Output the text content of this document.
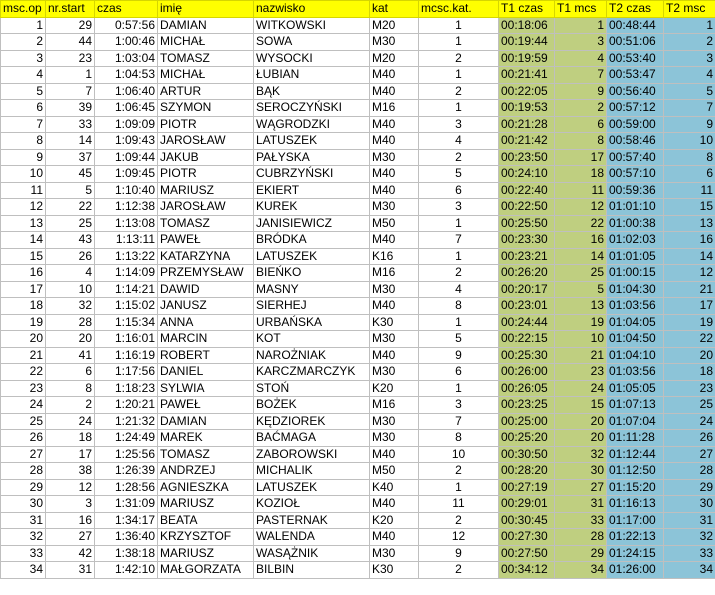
msc.op	nr.start	czas	imię	nazwisko	kat	mcsc.kat.	T1 czas	T1 mcs	T2 czas	T2 msc
1	29	0:57:56	DAMIAN	WITKOWSKI	M20	1	00:18:06	1	00:48:44	1
2	44	1:00:46	MICHAŁ	SOWA	M30	1	00:19:44	3	00:51:06	2
3	23	1:03:04	TOMASZ	WYSOCKI	M20	2	00:19:59	4	00:53:40	3
4	1	1:04:53	MICHAŁ	ŁUBIAN	M40	1	00:21:41	7	00:53:47	4
5	7	1:06:40	ARTUR	BĄK	M40	2	00:22:05	9	00:56:40	5
6	39	1:06:45	SZYMON	SEROCZYŃSKI	M16	1	00:19:53	2	00:57:12	7
7	33	1:09:09	PIOTR	WĄGRODZKI	M40	3	00:21:28	6	00:59:00	9
8	14	1:09:43	JAROSŁAW	LATUSZEK	M40	4	00:21:42	8	00:58:46	10
9	37	1:09:44	JAKUB	PAŁYSKA	M30	2	00:23:50	17	00:57:40	8
10	45	1:09:45	PIOTR	CUBRZYŃSKI	M40	5	00:24:10	18	00:57:10	6
11	5	1:10:40	MARIUSZ	EKIERT	M40	6	00:22:40	11	00:59:36	11
12	22	1:12:38	JAROSŁAW	KUREK	M30	3	00:22:50	12	01:01:10	15
13	25	1:13:08	TOMASZ	JANISIEWICZ	M50	1	00:25:50	22	01:00:38	13
14	43	1:13:11	PAWEŁ	BRÓDKA	M40	7	00:23:30	16	01:02:03	16
15	26	1:13:22	KATARZYNA	LATUSZEK	K16	1	00:23:21	14	01:01:05	14
16	4	1:14:09	PRZEMYSŁAW	BIEŃKO	M16	2	00:26:20	25	01:00:15	12
17	10	1:14:21	DAWID	MASNY	M30	4	00:20:17	5	01:04:30	21
18	32	1:15:02	JANUSZ	SIERHEJ	M40	8	00:23:01	13	01:03:56	17
19	28	1:15:34	ANNA	URBAŃSKA	K30	1	00:24:44	19	01:04:05	19
20	20	1:16:01	MARCIN	KOT	M30	5	00:22:15	10	01:04:50	22
21	41	1:16:19	ROBERT	NAROŻNIAK	M40	9	00:25:30	21	01:04:10	20
22	6	1:17:56	DANIEL	KARCZMARCZYK	M30	6	00:26:00	23	01:03:56	18
23	8	1:18:23	SYLWIA	STOŃ	K20	1	00:26:05	24	01:05:05	23
24	2	1:20:21	PAWEŁ	BOŻEK	M16	3	00:23:25	15	01:07:13	25
25	24	1:21:32	DAMIAN	KĘDZIOREK	M30	7	00:25:00	20	01:07:04	24
26	18	1:24:49	MAREK	BAĆMAGA	M30	8	00:25:20	20	01:11:28	26
27	17	1:25:56	TOMASZ	ZABOROWSKI	M40	10	00:30:50	32	01:12:44	27
28	38	1:26:39	ANDRZEJ	MICHALIK	M50	2	00:28:20	30	01:12:50	28
29	12	1:28:56	AGNIESZKA	LATUSZEK	K40	1	00:27:19	27	01:15:20	29
30	3	1:31:09	MARIUSZ	KOZIOŁ	M40	11	00:29:01	31	01:16:13	30
31	16	1:34:17	BEATA	PASTERNAK	K20	2	00:30:45	33	01:17:00	31
32	27	1:36:40	KRZYSZTOF	WALENDA	M40	12	00:27:30	28	01:22:13	32
33	42	1:38:18	MARIUSZ	WASĄŻNIK	M30	9	00:27:50	29	01:24:15	33
34	31	1:42:10	MAŁGORZATA	BILBIN	K30	2	00:34:12	34	01:26:00	34
